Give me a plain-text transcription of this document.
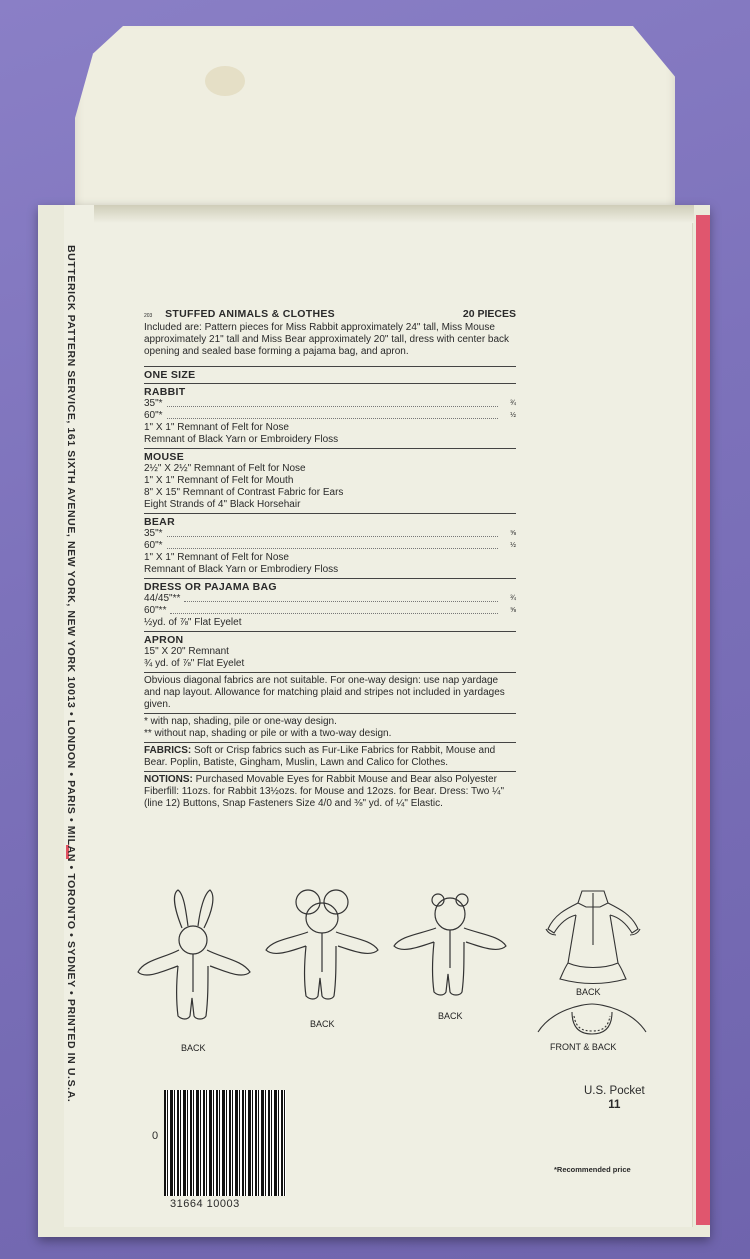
BUTTERICK PATTERN SERVICE, 161 SIXTH AVENUE, NEW YORK, NEW YORK 10013 • LONDON • PARIS • MILAN • TORONTO • SYDNEY • PRINTED IN U.S.A.	203 STUFFED ANIMALS & CLOTHES	20 PIECES

Included are: Pattern pieces for Miss Rabbit approximately 24" tall, Miss Mouse approximately 21" tall and Miss Bear approximately 20" tall, dress with center back opening and sealed base forming a pajama bag, and apron.

ONE SIZE
RABBIT
35"*	¾
60"*	½
1" X 1" Remnant of Felt for Nose
Remnant of Black Yarn or Embroidery Floss
MOUSE
2½" X 2½" Remnant of Felt for Nose
1" X 1" Remnant of Felt for Mouth
8" X 15" Remnant of Contrast Fabric for Ears
Eight Strands of 4" Black Horsehair
BEAR
35"*	⅝
60"*	½
1" X 1" Remnant of Felt for Nose
Remnant of Black Yarn or Embrodiery Floss
DRESS OR PAJAMA BAG
44/45"**	¾
60"**	⅝
½yd. of ⅞" Flat Eyelet
APRON
15" X 20" Remnant
¾ yd. of ⅞" Flat Eyelet

Obvious diagonal fabrics are not suitable. For one-way design: use nap yardage and nap layout. Allowance for matching plaid and stripes not included in yardages given.

* with nap, shading, pile or one-way design.
** without nap, shading or pile or with a two-way design.

FABRICS: Soft or Crisp fabrics such as Fur-Like Fabrics for Rabbit, Mouse and Bear. Poplin, Batiste, Gingham, Muslin, Lawn and Calico for Clothes.

NOTIONS: Purchased Movable Eyes for Rabbit Mouse and Bear also Polyester Fiberfill: 11ozs. for Rabbit 13½ozs. for Mouse and 12ozs. for Bear. Dress: Two ¼" (line 12) Buttons, Snap Fasteners Size 4/0 and ⅜" yd. of ¼" Elastic.

BACK
BACK
BACK
BACK
FRONT & BACK
0
31664 10003
U.S. Pocket
11
*Recommended price
